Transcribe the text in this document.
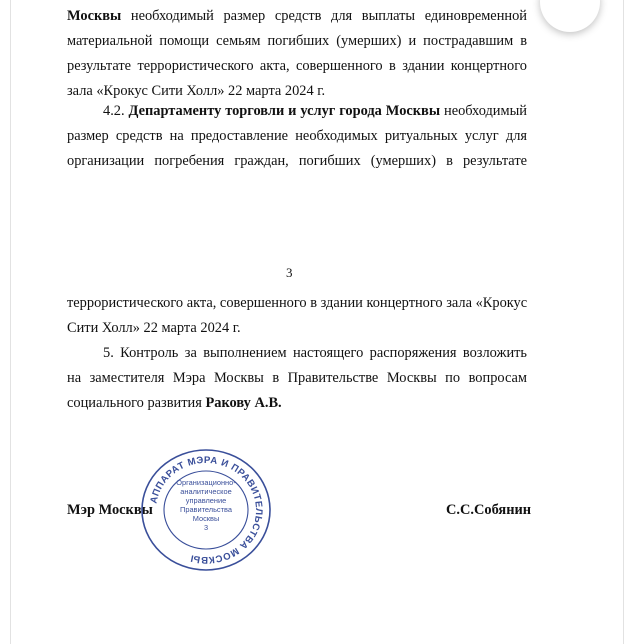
Москвы необходимый размер средств для выплаты единовременной
материальной помощи семьям погибших (умерших) и пострадавшим в
результате террористического акта, совершенного в здании концертного
зала «Крокус Сити Холл» 22 марта 2024 г.
4.2. Департаменту торговли и услуг города Москвы необходимый
размер средств на предоставление необходимых ритуальных услуг для
организации погребения граждан, погибших (умерших) в результате
3
террористического акта, совершенного в здании концертного зала «Крокус
Сити Холл» 22 марта 2024 г.
5. Контроль за выполнением настоящего распоряжения возложить
на заместителя Мэра Москвы в Правительстве Москвы по вопросам
социального развития Ракову А.В.
Мэр Москвы	С.С.Собянин
АППАРАТ МЭРА И ПРАВИТЕЛЬСТВА МОСКВЫ
Организационно-
аналитическое
управление
Правительства
Москвы
3
